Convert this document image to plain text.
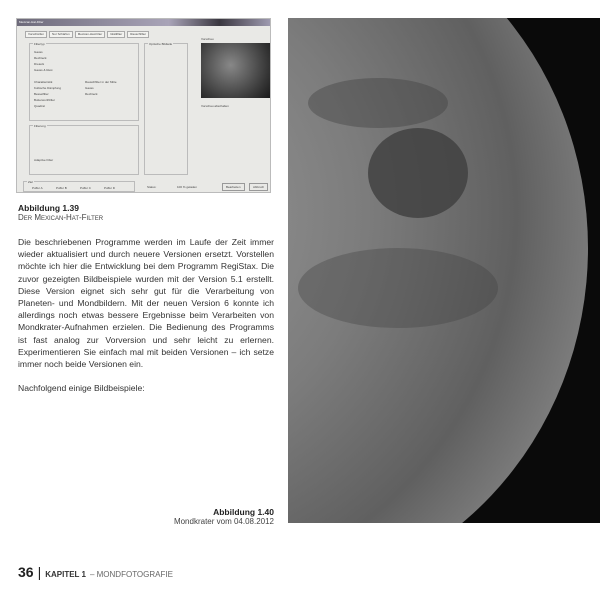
Mexican-Hat-Filter
Vorschärfen	Nur Schärfen	Mexican-Hat-Filter	Glättfilter	Rauschfilter
Filtertyp
Gauss
Rechteck
Dreieck
Gauss & Rest
Charakteristik
Kubische Dämpfung
Besselfilter
Butterworthfilter
Quadrat
Rauschfilter in der Mitte
Gauss
Rechteck
Filterung
Adaptive Filter
Optische Bildteile
Vorschau
Vorschau abschalten
Ziel
Puffer A	Puffer B	Puffer C	Puffer D	Status:	100 % geladen	Bearbeiten	Abbruch
Abbildung 1.39
Der Mexican-Hat-Filter

Die beschriebenen Programme werden im Laufe der Zeit immer wieder aktualisiert und durch neuere Versionen ersetzt. Vorstellen möchte ich hier die Entwicklung bei dem Programm RegiStax. Die zuvor gezeigten Bildbeispiele wurden mit der Version 5.1 erstellt. Diese Version eignet sich sehr gut für die Verarbeitung von Planeten- und Mondbildern. Mit der neuen Version 6 konnte ich allerdings noch etwas bessere Ergebnisse beim Verarbeiten von Mondkrater-Aufnahmen erzielen. Die Bedienung des Programms ist fast analog zur Vorversion und sehr leicht zu erlernen. Experimentieren Sie einfach mal mit beiden Versionen – ich setze immer noch beide Versionen ein.

Nachfolgend einige Bildbeispiele:

Abbildung 1.40
Mondkrater vom 04.08.2012
36 | KAPITEL 1 – MONDFOTOGRAFIE
